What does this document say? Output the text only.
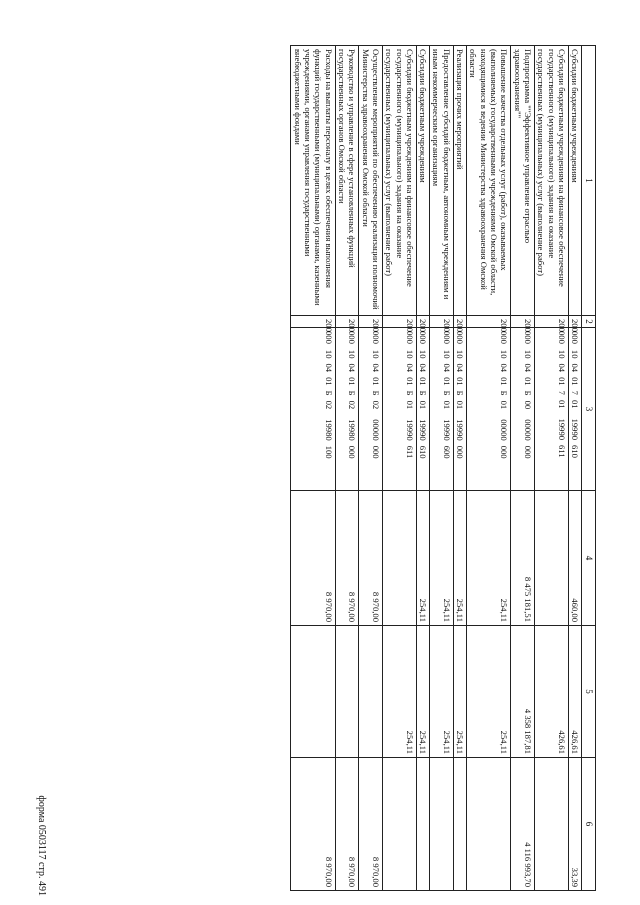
форма 0503117 стр. 491
1	2	3	4	5	6
Субсидии бюджетным учреждениям	200	00010040170119990610	460,00	426,61	33,39
Субсидии бюджетным учреждениям на финансовое обеспечение государственного (муниципального) задания на оказание государственных (муниципальных) услуг (выполнение работ)	200	00010040170119990611		426,61	
Подпрограмма ""Эффективное управление отраслью здравоохранения""	200	000100401Б0000000000	8 475 181,51	4 358 187,81	4 116 993,70
Повышение качества отдельных услуг (работ), оказываемых (выполняемых) государственными учреждениями Омской области, находящимися в ведении Министерства здравоохранения Омской области	200	000100401Б0100000000	254,11	254,11	
Реализация прочих мероприятий	200	000100401Б0119990000	254,11	254,11	
Предоставление субсидий бюджетным, автономным учреждениям и иным некоммерческим организациям	200	000100401Б0119990600	254,11	254,11	
Субсидии бюджетным учреждениям	200	000100401Б0119990610	254,11	254,11	
Субсидии бюджетным учреждениям на финансовое обеспечение государственного (муниципального) задания на оказание государственных (муниципальных) услуг (выполнение работ)	200	000100401Б0119990611		254,11	
Осуществление мероприятий по обеспечению реализации полномочий Министерства здравоохранения Омской области	200	000100401Б0200000000	8 970,00		8 970,00
Руководство и управление в сфере установленных функций государственных органов Омской области	200	000100401Б0219980000	8 970,00		8 970,00
Расходы на выплаты персоналу в целях обеспечения выполнения функций государственными (муниципальными) органами, казенными учреждениями, органами управления государственными внебюджетными фондами	200	000100401Б0219980100	8 970,00		8 970,00
